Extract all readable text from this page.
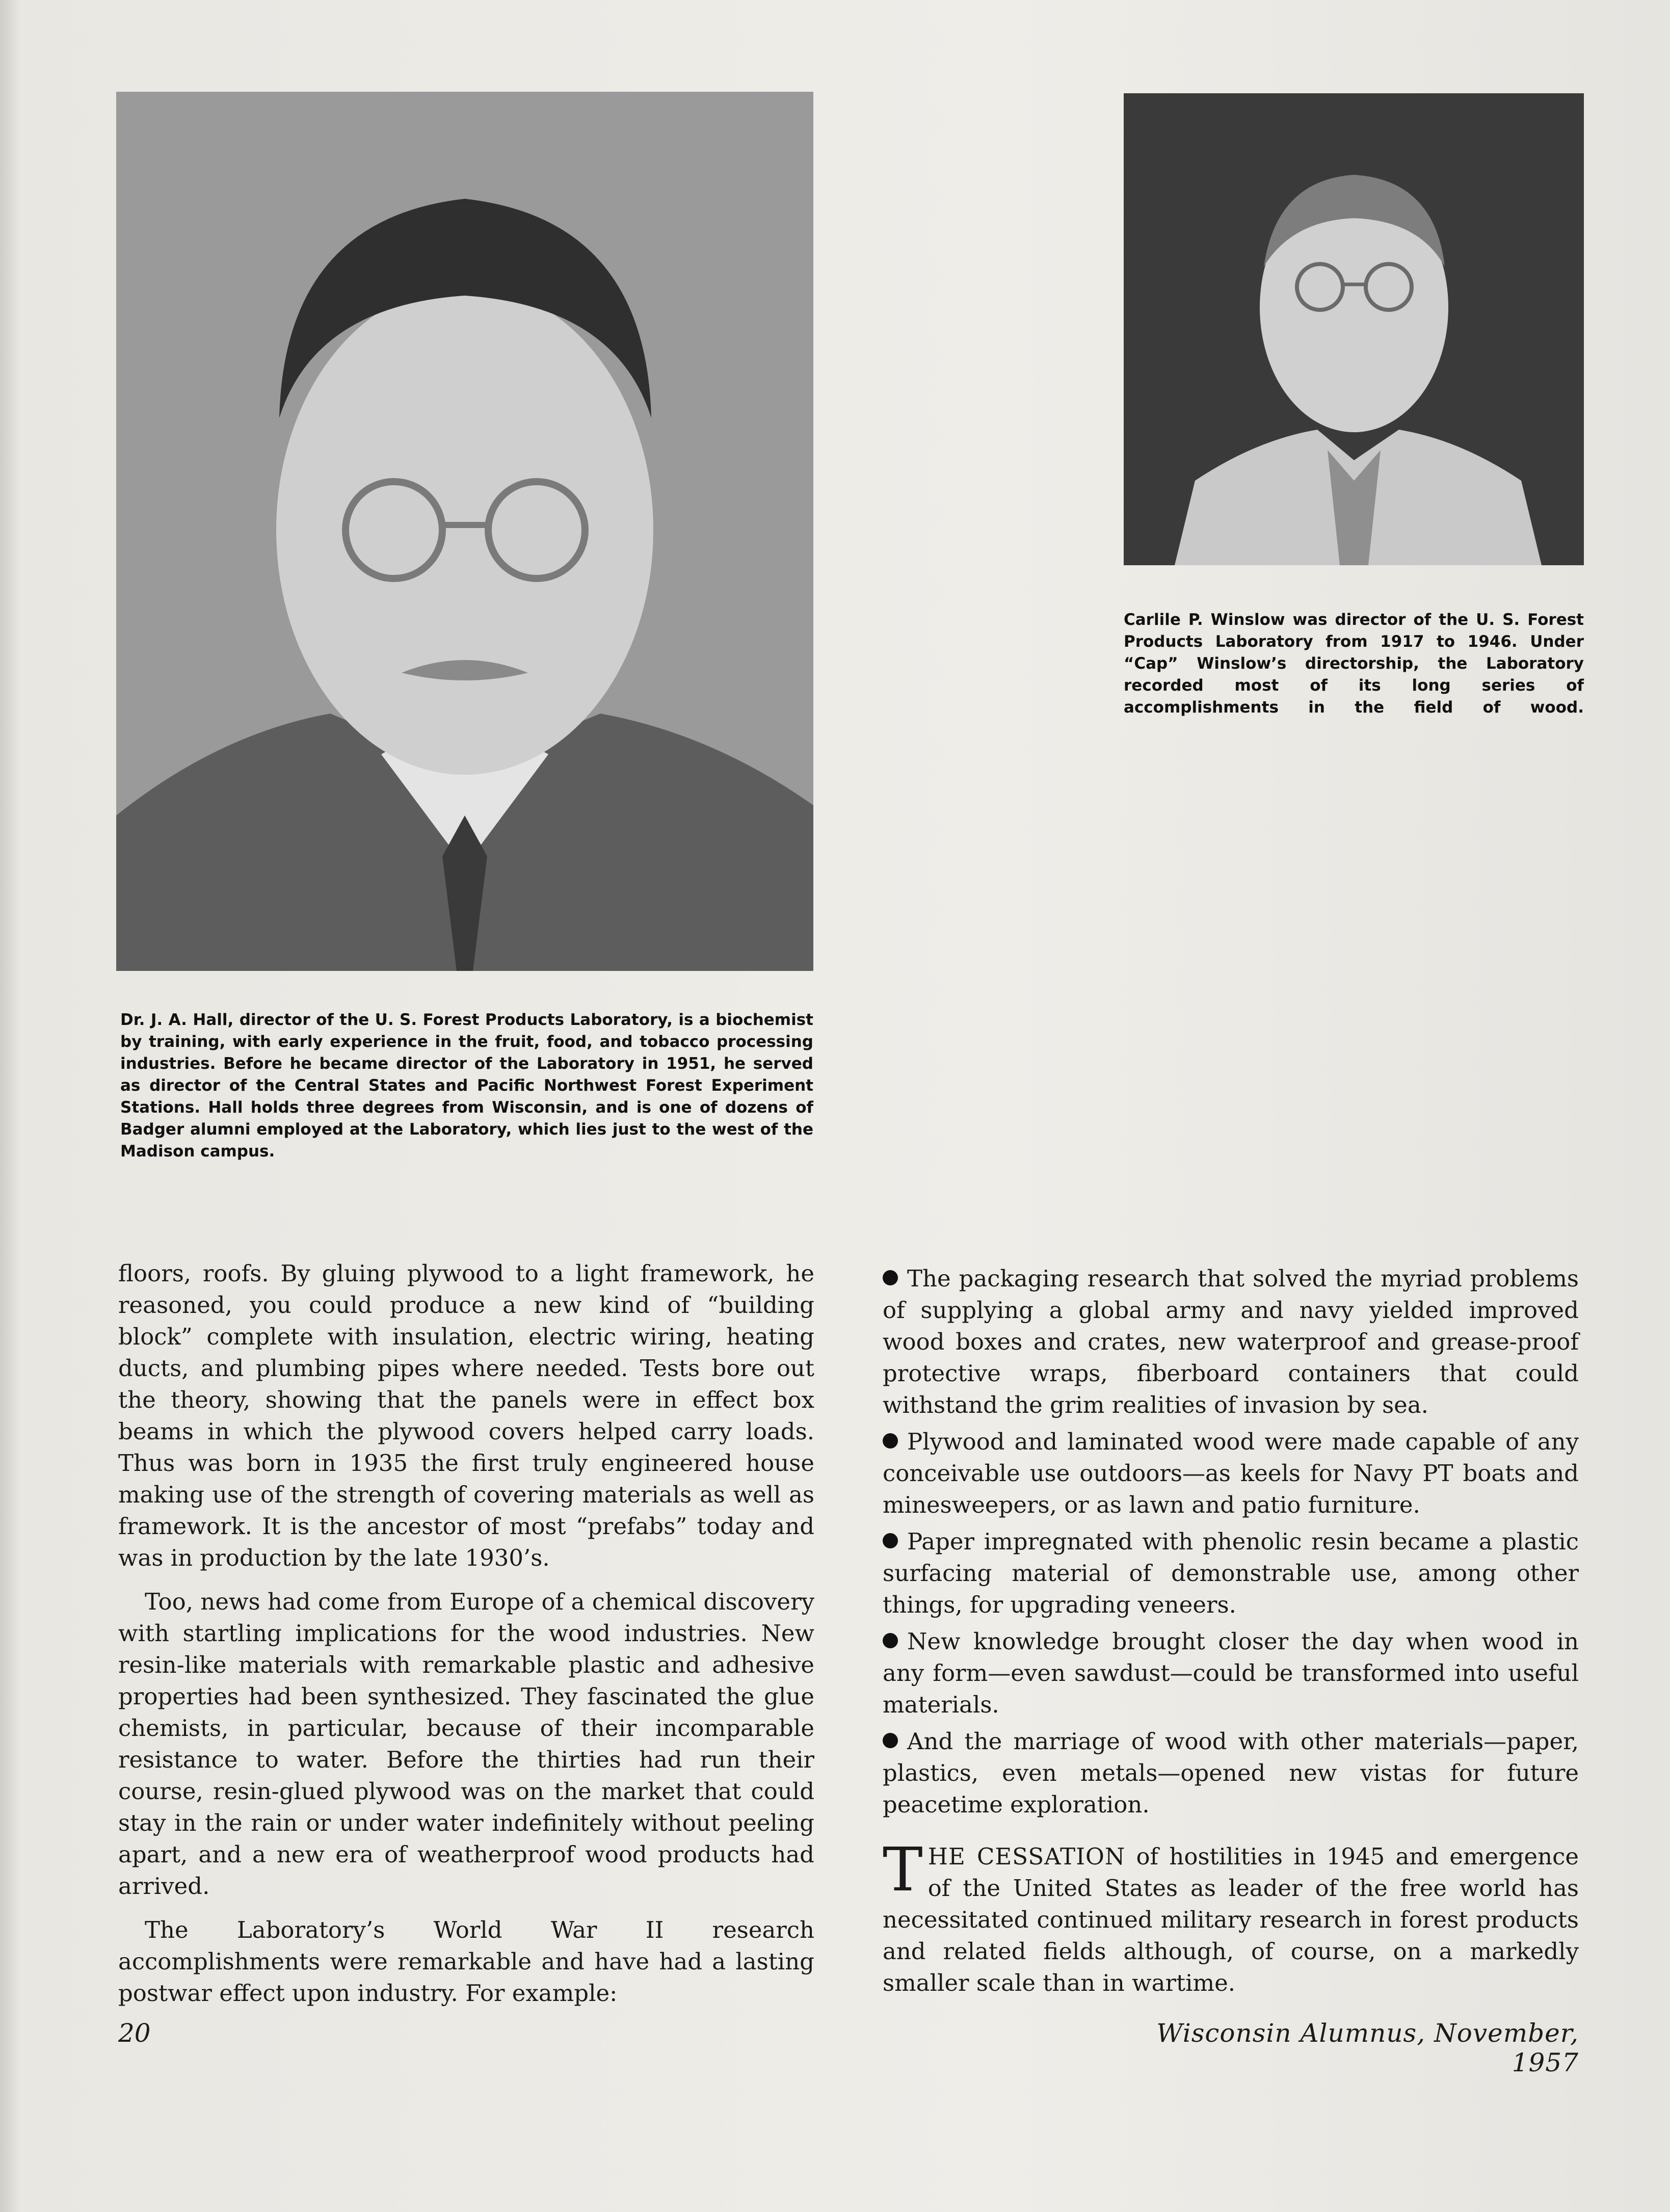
Carlile P. Winslow was director of the U. S. Forest Products Laboratory from 1917 to 1946. Under “Cap” Winslow’s directorship, the Laboratory recorded most of its long series of accomplishments in the field of wood.
Dr. J. A. Hall, director of the U. S. Forest Products Laboratory, is a biochemist by training, with early experience in the fruit, food, and tobacco processing industries. Before he became director of the Laboratory in 1951, he served as director of the Central States and Pacific Northwest Forest Experiment Stations. Hall holds three degrees from Wisconsin, and is one of dozens of Badger alumni employed at the Laboratory, which lies just to the west of the Madison campus.

floors, roofs. By gluing plywood to a light framework, he reasoned, you could produce a new kind of “building block” complete with insulation, electric wiring, heating ducts, and plumbing pipes where needed. Tests bore out the theory, showing that the panels were in effect box beams in which the plywood covers helped carry loads. Thus was born in 1935 the first truly engineered house making use of the strength of covering materials as well as framework. It is the ancestor of most “prefabs” today and was in production by the late 1930’s.

Too, news had come from Europe of a chemical discovery with startling implications for the wood industries. New resin-like materials with remarkable plastic and adhesive properties had been synthesized. They fascinated the glue chemists, in particular, because of their incomparable resistance to water. Before the thirties had run their course, resin-glued plywood was on the market that could stay in the rain or under water indefinitely without peeling apart, and a new era of weatherproof wood products had arrived.

The Laboratory’s World War II research accomplishments were remarkable and have had a lasting postwar effect upon industry. For example:

The packaging research that solved the myriad problems of supplying a global army and navy yielded improved wood boxes and crates, new waterproof and grease-proof protective wraps, fiberboard containers that could withstand the grim realities of invasion by sea.

Plywood and laminated wood were made capable of any conceivable use outdoors—as keels for Navy PT boats and minesweepers, or as lawn and patio furniture.

Paper impregnated with phenolic resin became a plastic surfacing material of demonstrable use, among other things, for upgrading veneers.

New knowledge brought closer the day when wood in any form—even sawdust—could be transformed into useful materials.

And the marriage of wood with other materials—paper, plastics, even metals—opened new vistas for future peacetime exploration.

THE CESSATION of hostilities in 1945 and emergence of the United States as leader of the free world has necessitated continued military research in forest products and related fields although, of course, on a markedly smaller scale than in wartime.

20	Wisconsin Alumnus, November, 1957
